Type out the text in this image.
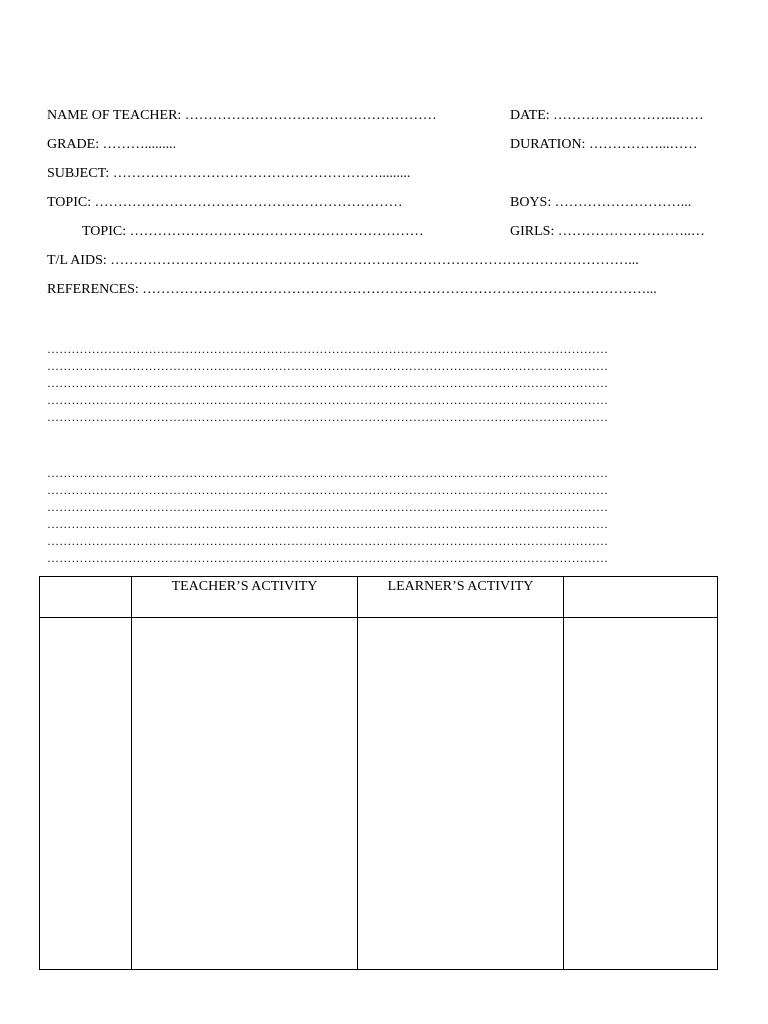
NAME OF TEACHER: ………………………………………………	DATE: ……………………...……
GRADE: ……….........	DURATION: ……………...……
SUBJECT: ………………………………………………….........
TOPIC: …………………………………………………………	BOYS: ………………………...
TOPIC: ………………………………………………………	GIRLS: ………………………..…
T/L AIDS: …………………………………………………………………………………………………...
REFERENCES: ………………………………………………………………………………………………...
…………………………………………………………………………………………………………………………
…………………………………………………………………………………………………………………………
…………………………………………………………………………………………………………………………
…………………………………………………………………………………………………………………………
…………………………………………………………………………………………………………………………
…………………………………………………………………………………………………………………………
…………………………………………………………………………………………………………………………
…………………………………………………………………………………………………………………………
…………………………………………………………………………………………………………………………
…………………………………………………………………………………………………………………………
…………………………………………………………………………………………………………………………
	TEACHER’S ACTIVITY	LEARNER’S ACTIVITY	
